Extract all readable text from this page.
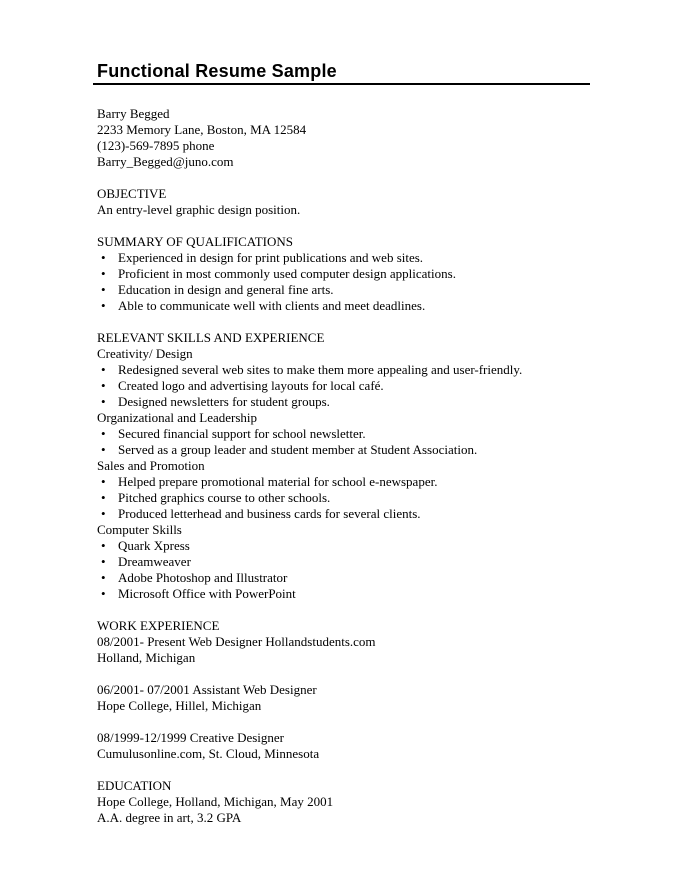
Functional Resume Sample

Barry Begged

2233 Memory Lane, Boston, MA 12584

(123)-569-7895 phone

Barry_Begged@juno.com

OBJECTIVE

An entry-level graphic design position.

SUMMARY OF QUALIFICATIONS

• Experienced in design for print publications and web sites.
• Proficient in most commonly used computer design applications.
• Education in design and general fine arts.
• Able to communicate well with clients and meet deadlines.

RELEVANT SKILLS AND EXPERIENCE

Creativity/ Design

• Redesigned several web sites to make them more appealing and user-friendly.
• Created logo and advertising layouts for local café.
• Designed newsletters for student groups.

Organizational and Leadership

• Secured financial support for school newsletter.
• Served as a group leader and student member at Student Association.

Sales and Promotion

• Helped prepare promotional material for school e-newspaper.
• Pitched graphics course to other schools.
• Produced letterhead and business cards for several clients.

Computer Skills

• Quark Xpress
• Dreamweaver
• Adobe Photoshop and Illustrator
• Microsoft Office with PowerPoint

WORK EXPERIENCE

08/2001- Present Web Designer Hollandstudents.com

Holland, Michigan

06/2001- 07/2001 Assistant Web Designer

Hope College, Hillel, Michigan

08/1999-12/1999 Creative Designer

Cumulusonline.com, St. Cloud, Minnesota

EDUCATION

Hope College, Holland, Michigan, May 2001

A.A. degree in art, 3.2 GPA
